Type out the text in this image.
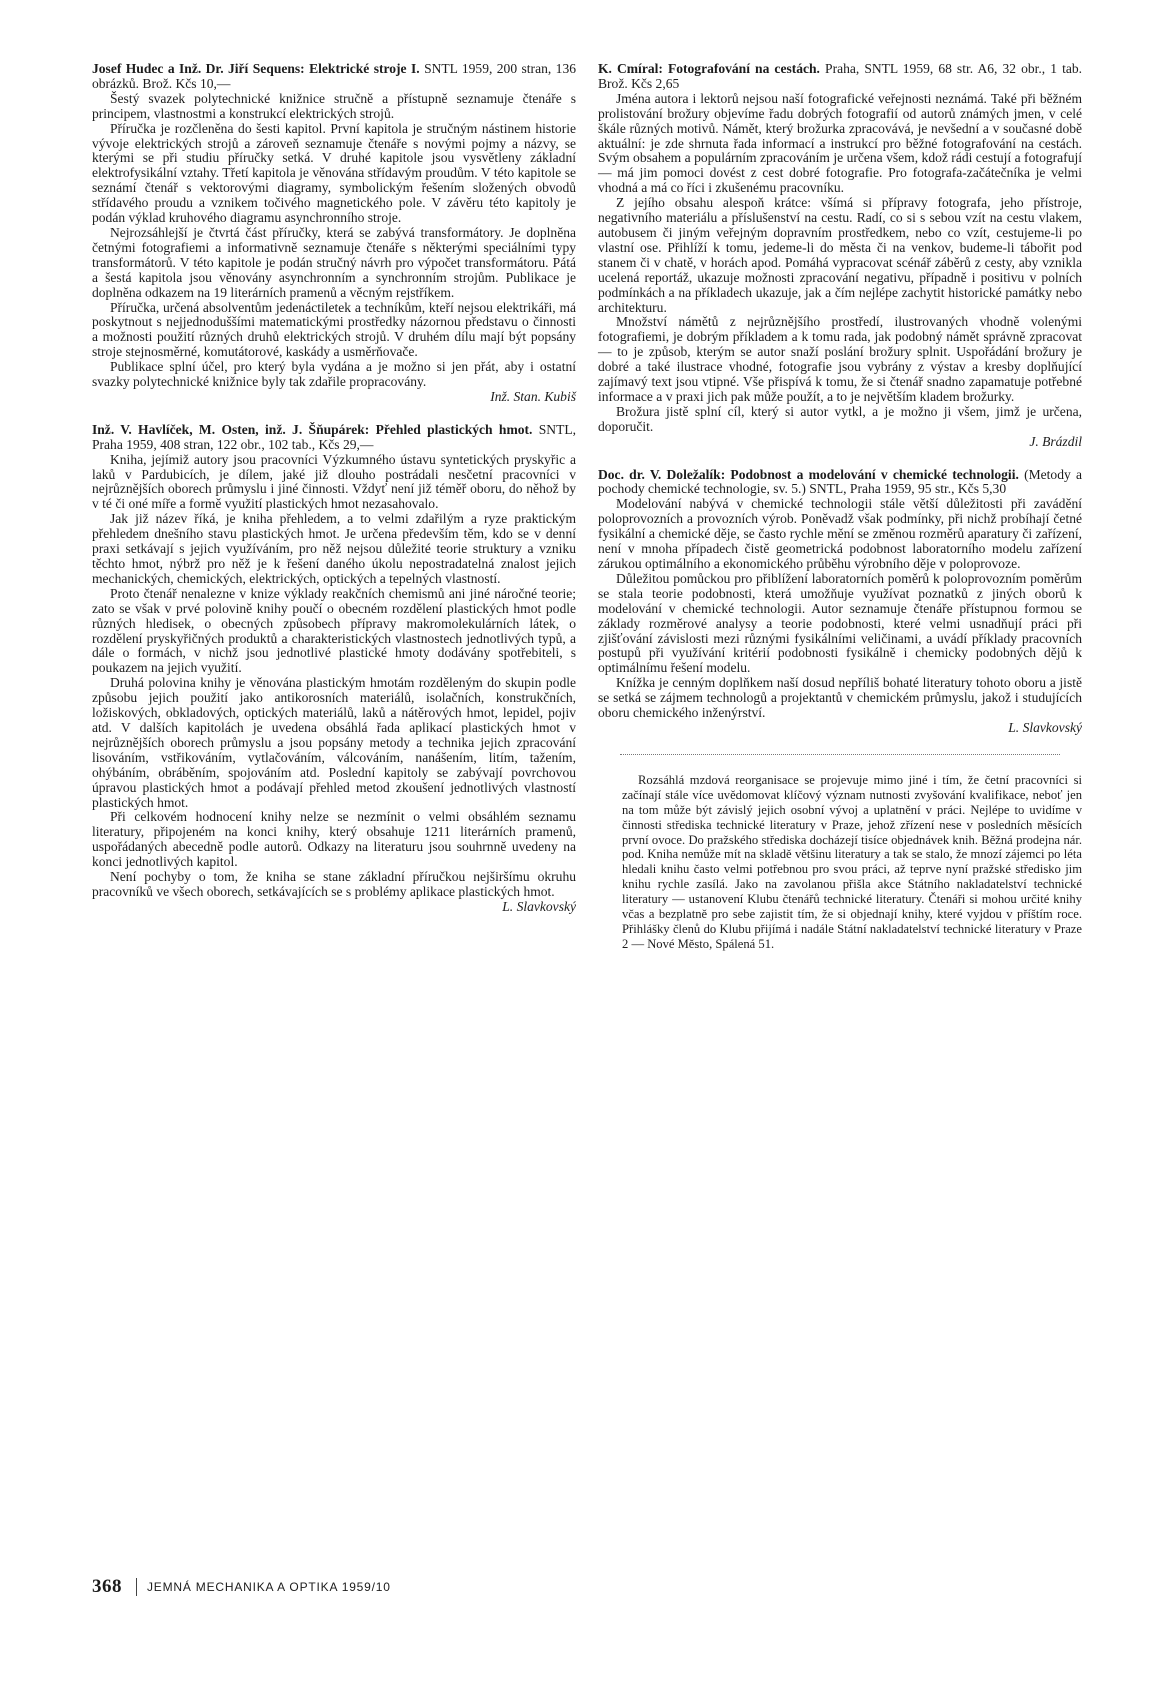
Josef Hudec a Inž. Dr. Jiří Sequens: Elektrické stroje I. SNTL 1959, 200 stran, 136 obrázků. Brož. Kčs 10,—

Šestý svazek polytechnické knižnice stručně a přístupně seznamuje čtenáře s principem, vlastnostmi a konstrukcí elektrických strojů.

Příručka je rozčleněna do šesti kapitol. První kapitola je stručným nástinem historie vývoje elektrických strojů a zároveň seznamuje čtenáře s novými pojmy a názvy, se kterými se při studiu příručky setká. V druhé kapitole jsou vysvětleny základní elektrofysikální vztahy. Třetí kapitola je věnována střídavým proudům. V této kapitole se seznámí čtenář s vektorovými diagramy, symbolickým řešením složených obvodů střídavého proudu a vznikem točivého magnetického pole. V závěru této kapitoly je podán výklad kruhového diagramu asynchronního stroje.

Nejrozsáhlejší je čtvrtá část příručky, která se zabývá transformátory. Je doplněna četnými fotografiemi a informativně seznamuje čtenáře s některými speciálními typy transformátorů. V této kapitole je podán stručný návrh pro výpočet transformátoru. Pátá a šestá kapitola jsou věnovány asynchronním a synchronním strojům. Publikace je doplněna odkazem na 19 literárních pramenů a věcným rejstříkem.

Příručka, určená absolventům jedenáctiletek a techníkům, kteří nejsou elektrikáři, má poskytnout s nejjednoduššími matematickými prostředky názornou představu o činnosti a možnosti použití různých druhů elektrických strojů. V druhém dílu mají být popsány stroje stejnosměrné, komutátorové, kaskády a usměrňovače.

Publikace splní účel, pro který byla vydána a je možno si jen přát, aby i ostatní svazky polytechnické knižnice byly tak zdařile propracovány.

Inž. Stan. Kubiš

Inž. V. Havlíček, M. Osten, inž. J. Šňupárek: Přehled plastických hmot. SNTL, Praha 1959, 408 stran, 122 obr., 102 tab., Kčs 29,—

Kniha, jejímiž autory jsou pracovníci Výzkumného ústavu syntetických pryskyřic a laků v Pardubicích, je dílem, jaké již dlouho postrádali nesčetní pracovníci v nejrůznějších oborech průmyslu i jiné činnosti. Vždyť není již téměř oboru, do něhož by v té či oné míře a formě využití plastických hmot nezasahovalo.

Jak již název říká, je kniha přehledem, a to velmi zdařilým a ryze praktickým přehledem dnešního stavu plastických hmot. Je určena především těm, kdo se v denní praxi setkávají s jejich využíváním, pro něž nejsou důležité teorie struktury a vzniku těchto hmot, nýbrž pro něž je k řešení daného úkolu nepostradatelná znalost jejich mechanických, chemických, elektrických, optických a tepelných vlastností.

Proto čtenář nenalezne v knize výklady reakčních chemismů ani jiné náročné teorie; zato se však v prvé polovině knihy poučí o obecném rozdělení plastických hmot podle různých hledisek, o obecných způsobech přípravy makromolekulárních látek, o rozdělení pryskyřičných produktů a charakteristických vlastnostech jednotlivých typů, a dále o formách, v nichž jsou jednotlivé plastické hmoty dodávány spotřebiteli, s poukazem na jejich využití.

Druhá polovina knihy je věnována plastickým hmotám rozděleným do skupin podle způsobu jejich použití jako antikorosních materiálů, isolačních, konstrukčních, ložiskových, obkladových, optických materiálů, laků a nátěrových hmot, lepidel, pojiv atd. V dalších kapitolách je uvedena obsáhlá řada aplikací plastických hmot v nejrůznějších oborech průmyslu a jsou popsány metody a technika jejich zpracování lisováním, vstřikováním, vytlačováním, válcováním, nanášením, litím, tažením, ohýbáním, obráběním, spojováním atd. Poslední kapitoly se zabývají povrchovou úpravou plastických hmot a podávají přehled metod zkoušení jednotlivých vlastností plastických hmot.

Při celkovém hodnocení knihy nelze se nezmínit o velmi obsáhlém seznamu literatury, připojeném na konci knihy, který obsahuje 1211 literárních pramenů, uspořádaných abecedně podle autorů. Odkazy na literaturu jsou souhrnně uvedeny na konci jednotlivých kapitol.

Není pochyby o tom, že kniha se stane základní příručkou nejširšímu okruhu pracovníků ve všech oborech, setkávajících se s problémy aplikace plastických hmot.

L. Slavkovský

K. Cmíral: Fotografování na cestách. Praha, SNTL 1959, 68 str. A6, 32 obr., 1 tab. Brož. Kčs 2,65

Jména autora i lektorů nejsou naší fotografické veřejnosti neznámá. Také při běžném prolistování brožury objevíme řadu dobrých fotografií od autorů známých jmen, v celé škále různých motivů. Námět, který brožurka zpracovává, je nevšední a v současné době aktuální: je zde shrnuta řada informací a instrukcí pro běžné fotografování na cestách. Svým obsahem a populárním zpracováním je určena všem, kdož rádi cestují a fotografují — má jim pomoci dovést z cest dobré fotografie. Pro fotografa-začátečníka je velmi vhodná a má co říci i zkušenému pracovníku.

Z jejího obsahu alespoň krátce: všímá si přípravy fotografa, jeho přístroje, negativního materiálu a příslušenství na cestu. Radí, co si s sebou vzít na cestu vlakem, autobusem či jiným veřejným dopravním prostředkem, nebo co vzít, cestujeme-li po vlastní ose. Přihlíží k tomu, jedeme-li do města či na venkov, budeme-li tábořit pod stanem či v chatě, v horách apod. Pomáhá vypracovat scénář záběrů z cesty, aby vznikla ucelená reportáž, ukazuje možnosti zpracování negativu, případně i positivu v polních podmínkách a na příkladech ukazuje, jak a čím nejlépe zachytit historické památky nebo architekturu.

Množství námětů z nejrůznějšího prostředí, ilustrovaných vhodně volenými fotografiemi, je dobrým příkladem a k tomu rada, jak podobný námět správně zpracovat — to je způsob, kterým se autor snaží poslání brožury splnit. Uspořádání brožury je dobré a také ilustrace vhodné, fotografie jsou vybrány z výstav a kresby doplňující zajímavý text jsou vtipné. Vše přispívá k tomu, že si čtenář snadno zapamatuje potřebné informace a v praxi jich pak může použít, a to je největším kladem brožurky.

Brožura jistě splní cíl, který si autor vytkl, a je možno ji všem, jimž je určena, doporučit.

J. Brázdil

Doc. dr. V. Doležalík: Podobnost a modelování v chemické technologii. (Metody a pochody chemické technologie, sv. 5.) SNTL, Praha 1959, 95 str., Kčs 5,30

Modelování nabývá v chemické technologii stále větší důležitosti při zavádění poloprovozních a provozních výrob. Poněvadž však podmínky, při nichž probíhají četné fysikální a chemické děje, se často rychle mění se změnou rozměrů aparatury či zařízení, není v mnoha případech čistě geometrická podobnost laboratorního modelu zařízení zárukou optimálního a ekonomického průběhu výrobního děje v poloprovoze.

Důležitou pomůckou pro přiblížení laboratorních poměrů k poloprovozním poměrům se stala teorie podobnosti, která umožňuje využívat poznatků z jiných oborů k modelování v chemické technologii. Autor seznamuje čtenáře přístupnou formou se základy rozměrové analysy a teorie podobnosti, které velmi usnadňují práci při zjišťování závislosti mezi různými fysikálními veličinami, a uvádí příklady pracovních postupů při využívání kritérií podobnosti fysikálně i chemicky podobných dějů k optimálnímu řešení modelu.

Knížka je cenným doplňkem naší dosud nepříliš bohaté literatury tohoto oboru a jistě se setká se zájmem technologů a projektantů v chemickém průmyslu, jakož i studujících oboru chemického inženýrství.

L. Slavkovský

Rozsáhlá mzdová reorganisace se projevuje mimo jiné i tím, že četní pracovníci si začínají stále více uvědomovat klíčový význam nutnosti zvyšování kvalifikace, neboť jen na tom může být závislý jejich osobní vývoj a uplatnění v práci. Nejlépe to uvidíme v činnosti střediska technické literatury v Praze, jehož zřízení nese v posledních měsících první ovoce. Do pražského střediska docházejí tisíce objednávek knih. Běžná prodejna nár. pod. Kniha nemůže mít na skladě většinu literatury a tak se stalo, že mnozí zájemci po léta hledali knihu často velmi potřebnou pro svou práci, až teprve nyní pražské středisko jim knihu rychle zasílá. Jako na zavolanou přišla akce Státního nakladatelství technické literatury — ustanovení Klubu čtenářů technické literatury. Čtenáři si mohou určité knihy včas a bezplatně pro sebe zajistit tím, že si objednají knihy, které vyjdou v příštím roce. Přihlášky členů do Klubu přijímá i nadále Státní nakladatelství technické literatury v Praze 2 — Nové Město, Spálená 51.

368 JEMNÁ MECHANIKA A OPTIKA 1959/10
